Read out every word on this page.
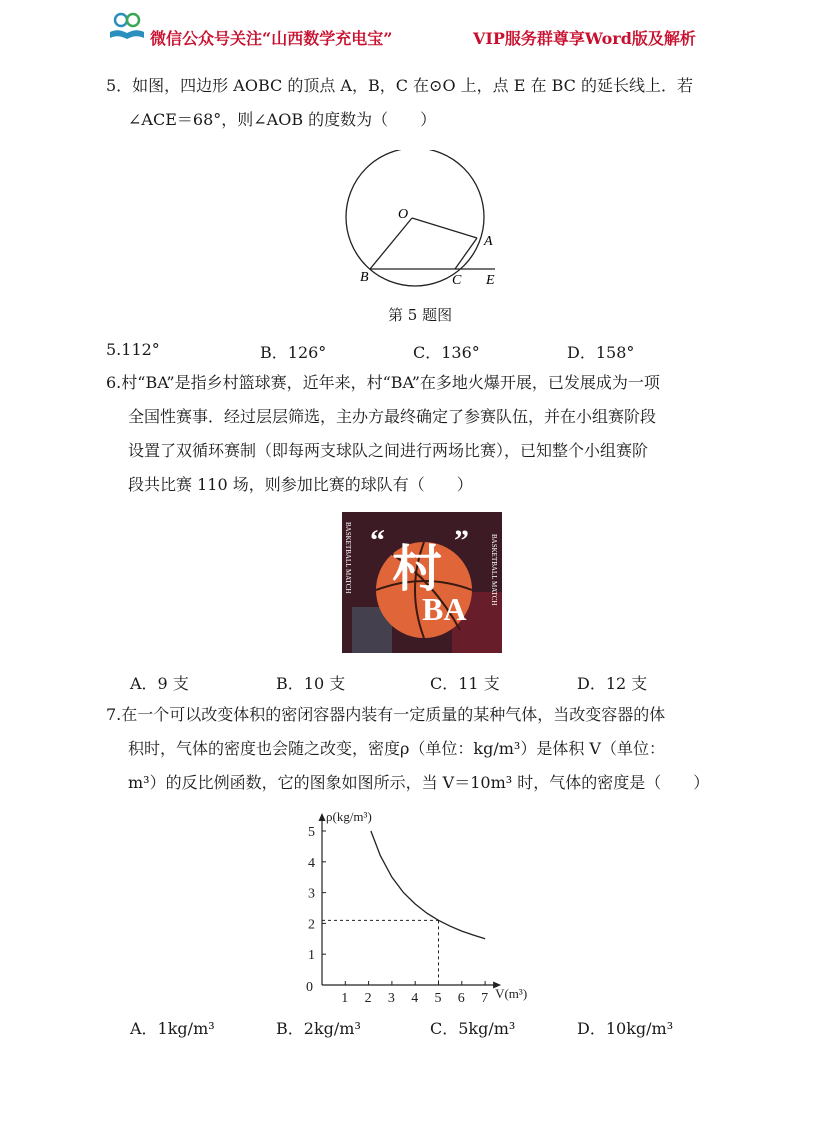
微信公众号关注“山西数学充电宝”	VIP服务群尊享Word版及解析
5．如图，四边形 AOBC 的顶点 A，B，C 在⊙O 上，点 E 在 BC 的延长线上．若
∠ACE＝68°，则∠AOB 的度数为（　　）
O
A
B	C E
第 5 题图
5.112°	B．126°	C．136°	D．158°
6.村“BA”是指乡村篮球赛，近年来，村“BA”在多地火爆开展，已发展成为一项
全国性赛事．经过层层筛选，主办方最终确定了参赛队伍，并在小组赛阶段
设置了双循环赛制（即每两支球队之间进行两场比赛），已知整个小组赛阶
段共比赛 110 场，则参加比赛的球队有（　　）
“
村
”
BA
BASKETBALL MATCH	BASKETBALL MATCH
A．9 支	B．10 支	C．11 支	D．12 支
7.在一个可以改变体积的密闭容器内装有一定质量的某种气体，当改变容器的体
积时，气体的密度也会随之改变，密度ρ（单位：kg/m³）是体积 V（单位：
m³）的反比例函数，它的图象如图所示，当 V＝10m³ 时，气体的密度是（　　）
1 2 3 4 5 6 7
1
2
3
4
5
0
ρ(kg/m³)
V(m³)
A．1kg/m³	B．2kg/m³	C．5kg/m³	D．10kg/m³
